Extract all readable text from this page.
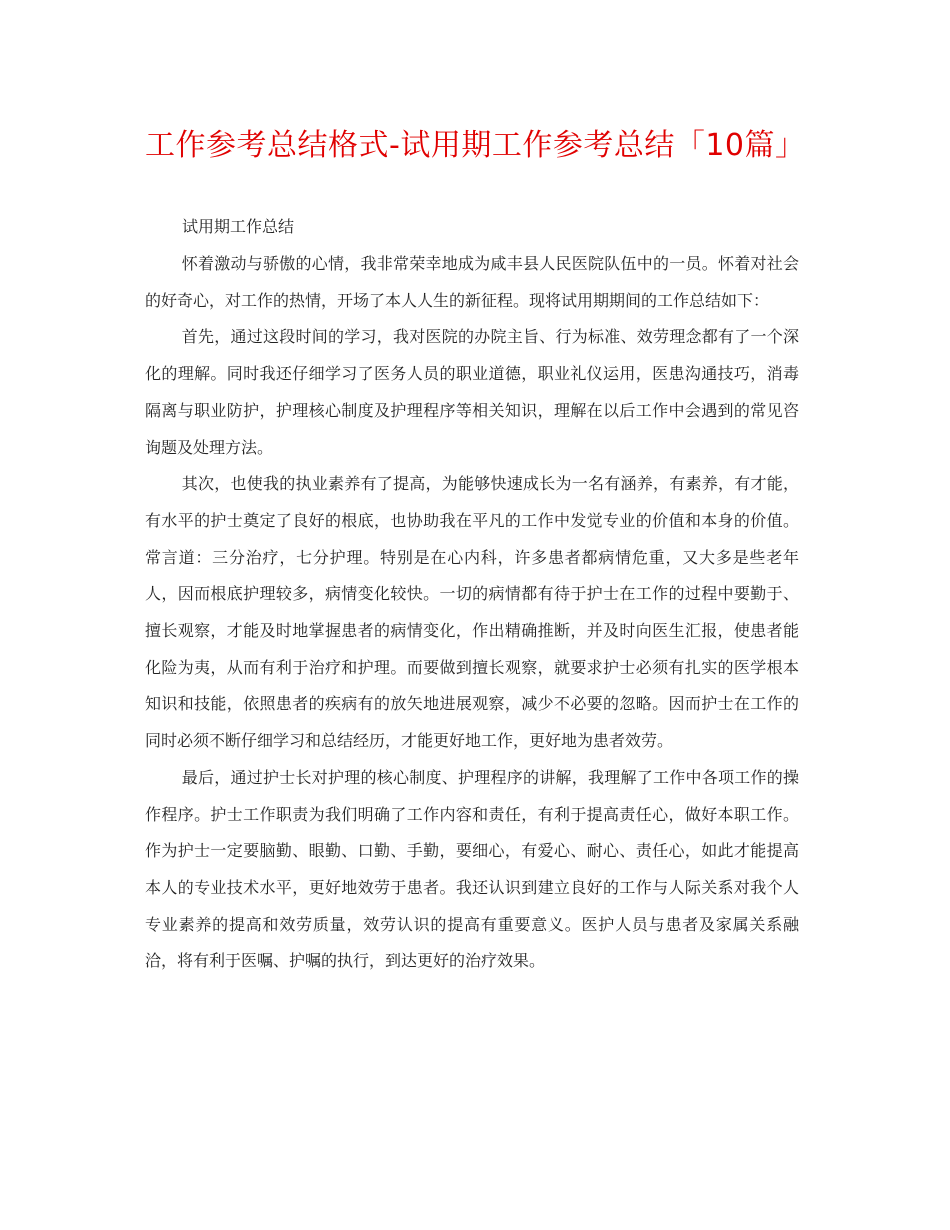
工作参考总结格式-试用期工作参考总结「10篇」
试用期工作总结

怀着激动与骄傲的心情，我非常荣幸地成为咸丰县人民医院队伍中的一员。怀着对社会的好奇心，对工作的热情，开场了本人人生的新征程。现将试用期期间的工作总结如下：

首先，通过这段时间的学习，我对医院的办院主旨、行为标准、效劳理念都有了一个深化的理解。同时我还仔细学习了医务人员的职业道德，职业礼仪运用，医患沟通技巧，消毒隔离与职业防护，护理核心制度及护理程序等相关知识，理解在以后工作中会遇到的常见咨询题及处理方法。

其次，也使我的执业素养有了提高，为能够快速成长为一名有涵养，有素养，有才能，有水平的护士奠定了良好的根底，也协助我在平凡的工作中发觉专业的价值和本身的价值。常言道：三分治疗，七分护理。特别是在心内科，许多患者都病情危重，又大多是些老年人，因而根底护理较多，病情变化较快。一切的病情都有待于护士在工作的过程中要勤于、擅长观察，才能及时地掌握患者的病情变化，作出精确推断，并及时向医生汇报，使患者能化险为夷，从而有利于治疗和护理。而要做到擅长观察，就要求护士必须有扎实的医学根本知识和技能，依照患者的疾病有的放矢地进展观察，减少不必要的忽略。因而护士在工作的同时必须不断仔细学习和总结经历，才能更好地工作，更好地为患者效劳。

最后，通过护士长对护理的核心制度、护理程序的讲解，我理解了工作中各项工作的操作程序。护士工作职责为我们明确了工作内容和责任，有利于提高责任心，做好本职工作。作为护士一定要脑勤、眼勤、口勤、手勤，要细心，有爱心、耐心、责任心，如此才能提高本人的专业技术水平，更好地效劳于患者。我还认识到建立良好的工作与人际关系对我个人专业素养的提高和效劳质量，效劳认识的提高有重要意义。医护人员与患者及家属关系融洽，将有利于医嘱、护嘱的执行，到达更好的治疗效果。
